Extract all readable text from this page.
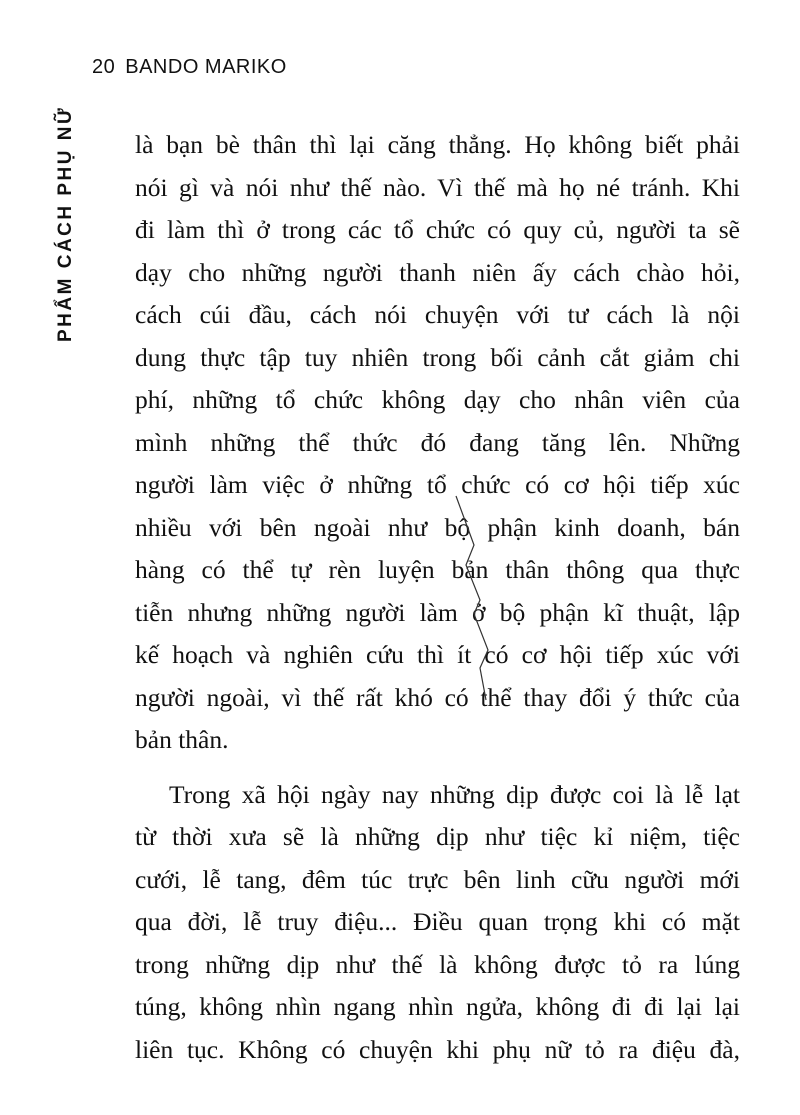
20 BANDO MARIKO
PHẨM CÁCH PHỤ NỮ là bạn bè thân thì lại căng thẳng. Họ không biết phải
nói gì và nói như thế nào. Vì thế mà họ né tránh. Khi
đi làm thì ở trong các tổ chức có quy củ, người ta sẽ
dạy cho những người thanh niên ấy cách chào hỏi,
cách cúi đầu, cách nói chuyện với tư cách là nội
dung thực tập tuy nhiên trong bối cảnh cắt giảm chi
phí, những tổ chức không dạy cho nhân viên của
mình những thể thức đó đang tăng lên. Những
người làm việc ở những tổ chức có cơ hội tiếp xúc
nhiều với bên ngoài như bộ phận kinh doanh, bán
hàng có thể tự rèn luyện bản thân thông qua thực
tiễn nhưng những người làm ở bộ phận kĩ thuật, lập
kế hoạch và nghiên cứu thì ít có cơ hội tiếp xúc với
người ngoài, vì thế rất khó có thể thay đổi ý thức của
bản thân.
Trong xã hội ngày nay những dịp được coi là lễ lạt
từ thời xưa sẽ là những dịp như tiệc kỉ niệm, tiệc
cưới, lễ tang, đêm túc trực bên linh cữu người mới
qua đời, lễ truy điệu... Điều quan trọng khi có mặt
trong những dịp như thế là không được tỏ ra lúng
túng, không nhìn ngang nhìn ngửa, không đi đi lại lại
liên tục. Không có chuyện khi phụ nữ tỏ ra điệu đà,
